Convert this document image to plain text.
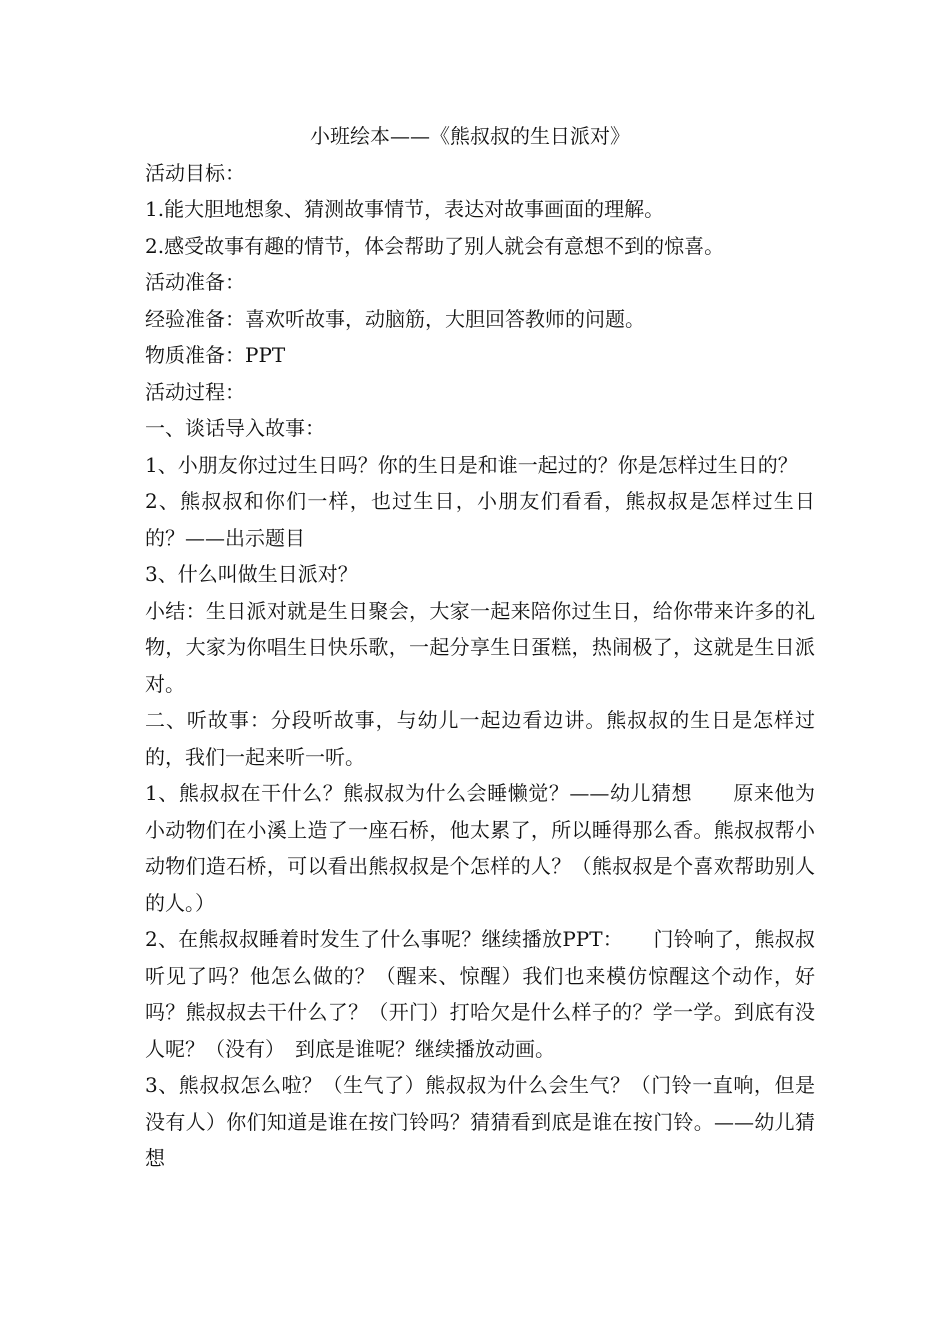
小班绘本——《熊叔叔的生日派对》

活动目标：

1.能大胆地想象、猜测故事情节，表达对故事画面的理解。

2.感受故事有趣的情节，体会帮助了别人就会有意想不到的惊喜。

活动准备：

经验准备：喜欢听故事，动脑筋，大胆回答教师的问题。

物质准备：PPT

活动过程：

一、谈话导入故事：

1、小朋友你过过生日吗？你的生日是和谁一起过的？你是怎样过生日的？

2、熊叔叔和你们一样，也过生日，小朋友们看看，熊叔叔是怎样过生日的？——出示题目

3、什么叫做生日派对？

小结：生日派对就是生日聚会，大家一起来陪你过生日，给你带来许多的礼物，大家为你唱生日快乐歌，一起分享生日蛋糕，热闹极了，这就是生日派对。

二、听故事：分段听故事，与幼儿一起边看边讲。熊叔叔的生日是怎样过的，我们一起来听一听。

1、熊叔叔在干什么？熊叔叔为什么会睡懒觉？——幼儿猜想　　原来他为小动物们在小溪上造了一座石桥，他太累了，所以睡得那么香。熊叔叔帮小动物们造石桥，可以看出熊叔叔是个怎样的人？（熊叔叔是个喜欢帮助别人的人。）

2、在熊叔叔睡着时发生了什么事呢？继续播放PPT：　　门铃响了，熊叔叔听见了吗？他怎么做的？（醒来、惊醒）我们也来模仿惊醒这个动作，好吗？熊叔叔去干什么了？（开门）打哈欠是什么样子的？学一学。到底有没人呢？（没有）　到底是谁呢？继续播放动画。

3、熊叔叔怎么啦？（生气了）熊叔叔为什么会生气？（门铃一直响，但是没有人）你们知道是谁在按门铃吗？猜猜看到底是谁在按门铃。——幼儿猜想
